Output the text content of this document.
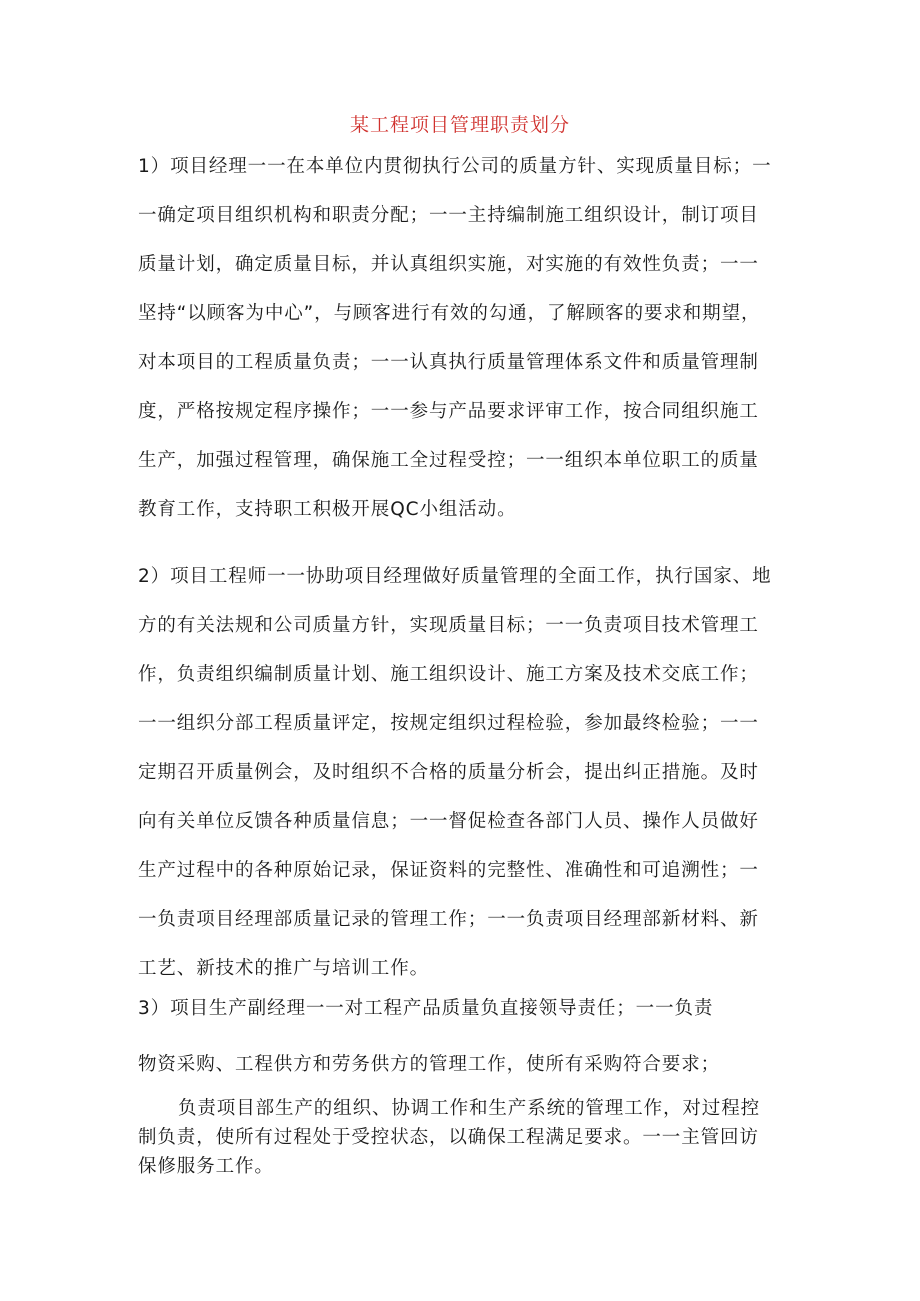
某工程项目管理职责划分
1）项目经理一一在本单位内贯彻执行公司的质量方针、实现质量目标；一
一确定项目组织机构和职责分配；一一主持编制施工组织设计，制订项目
质量计划，确定质量目标，并认真组织实施，对实施的有效性负责；一一
坚持“以顾客为中心”，与顾客进行有效的勾通，了解顾客的要求和期望，
对本项目的工程质量负责；一一认真执行质量管理体系文件和质量管理制
度，严格按规定程序操作；一一参与产品要求评审工作，按合同组织施工
生产，加强过程管理，确保施工全过程受控；一一组织本单位职工的质量
教育工作，支持职工积极开展QC小组活动。
2）项目工程师一一协助项目经理做好质量管理的全面工作，执行国家、地
方的有关法规和公司质量方针，实现质量目标；一一负责项目技术管理工
作，负责组织编制质量计划、施工组织设计、施工方案及技术交底工作；
一一组织分部工程质量评定，按规定组织过程检验，参加最终检验；一一
定期召开质量例会，及时组织不合格的质量分析会，提出纠正措施。及时
向有关单位反馈各种质量信息；一一督促检查各部门人员、操作人员做好
生产过程中的各种原始记录，保证资料的完整性、准确性和可追溯性；一
一负责项目经理部质量记录的管理工作；一一负责项目经理部新材料、新
工艺、新技术的推广与培训工作。
3）项目生产副经理一一对工程产品质量负直接领导责任；一一负责
物资采购、工程供方和劳务供方的管理工作，使所有采购符合要求；
负责项目部生产的组织、协调工作和生产系统的管理工作，对过程控
制负责，使所有过程处于受控状态，以确保工程满足要求。一一主管回访
保修服务工作。
